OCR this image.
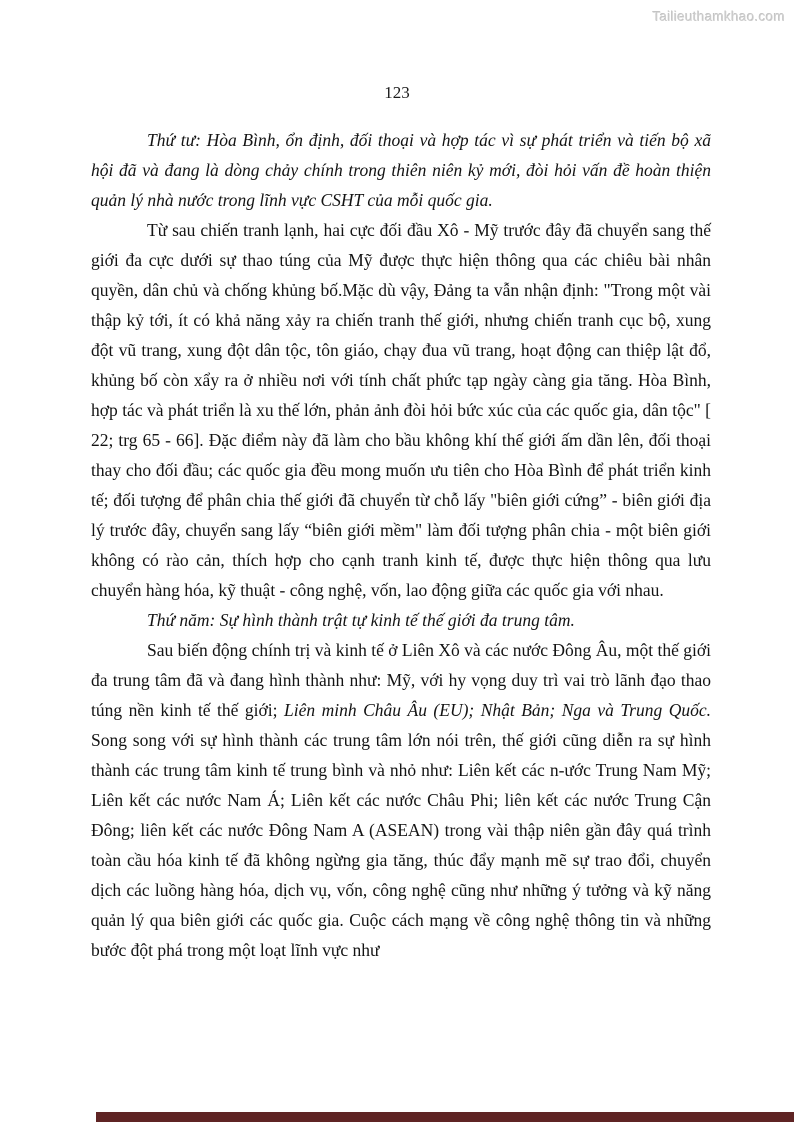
Tailieuthamkhao.com
123

Thứ tư: Hòa Bình, ổn định, đối thoại và hợp tác vì sự phát triển và tiến bộ xã hội đã và đang là dòng chảy chính trong thiên niên kỷ mới, đòi hỏi vấn đề hoàn thiện quản lý nhà nước trong lĩnh vực CSHT của mỗi quốc gia.

Từ sau chiến tranh lạnh, hai cực đối đầu Xô - Mỹ trước đây đã chuyển sang thế giới đa cực dưới sự thao túng của Mỹ được thực hiện thông qua các chiêu bài nhân quyền, dân chủ và chống khủng bố.Mặc dù vậy, Đảng ta vẫn nhận định: "Trong một vài thập kỷ tới, ít có khả năng xảy ra chiến tranh thế giới, nhưng chiến tranh cục bộ, xung đột vũ trang, xung đột dân tộc, tôn giáo, chạy đua vũ trang, hoạt động can thiệp lật đổ, khủng bố còn xẩy ra ở nhiều nơi với tính chất phức tạp ngày càng gia tăng. Hòa Bình, hợp tác và phát triển là xu thế lớn, phản ảnh đòi hỏi bức xúc của các quốc gia, dân tộc" [ 22; trg 65 - 66]. Đặc điểm này đã làm cho bầu không khí thế giới ấm dần lên, đối thoại thay cho đối đầu; các quốc gia đều mong muốn ưu tiên cho Hòa Bình để phát triển kinh tế; đối tượng để phân chia thế giới đã chuyển từ chỗ lấy "biên giới cứng” - biên giới địa lý trước đây, chuyển sang lấy “biên giới mềm" làm đối tượng phân chia - một biên giới không có rào cản, thích hợp cho cạnh tranh kinh tế, được thực hiện thông qua lưu chuyển hàng hóa, kỹ thuật - công nghệ, vốn, lao động giữa các quốc gia với nhau.

Thứ năm: Sự hình thành trật tự kinh tế thế giới đa trung tâm.

Sau biến động chính trị và kinh tế ở Liên Xô và các nước Đông Âu, một thế giới đa trung tâm đã và đang hình thành như: Mỹ, với hy vọng duy trì vai trò lãnh đạo thao túng nền kinh tế thế giới; Liên minh Châu Âu (EU); Nhật Bản; Nga và Trung Quốc. Song song với sự hình thành các trung tâm lớn nói trên, thế giới cũng diễn ra sự hình thành các trung tâm kinh tế trung bình và nhỏ như: Liên kết các n-ước Trung Nam Mỹ; Liên kết các nước Nam Á; Liên kết các nước Châu Phi; liên kết các nước Trung Cận Đông; liên kết các nước Đông Nam A (ASEAN) trong vài thập niên gần đây quá trình toàn cầu hóa kinh tế đã không ngừng gia tăng, thúc đẩy mạnh mẽ sự trao đổi, chuyển dịch các luồng hàng hóa, dịch vụ, vốn, công nghệ cũng như những ý tưởng và kỹ năng quản lý qua biên giới các quốc gia. Cuộc cách mạng về công nghệ thông tin và những bước đột phá trong một loạt lĩnh vực như
